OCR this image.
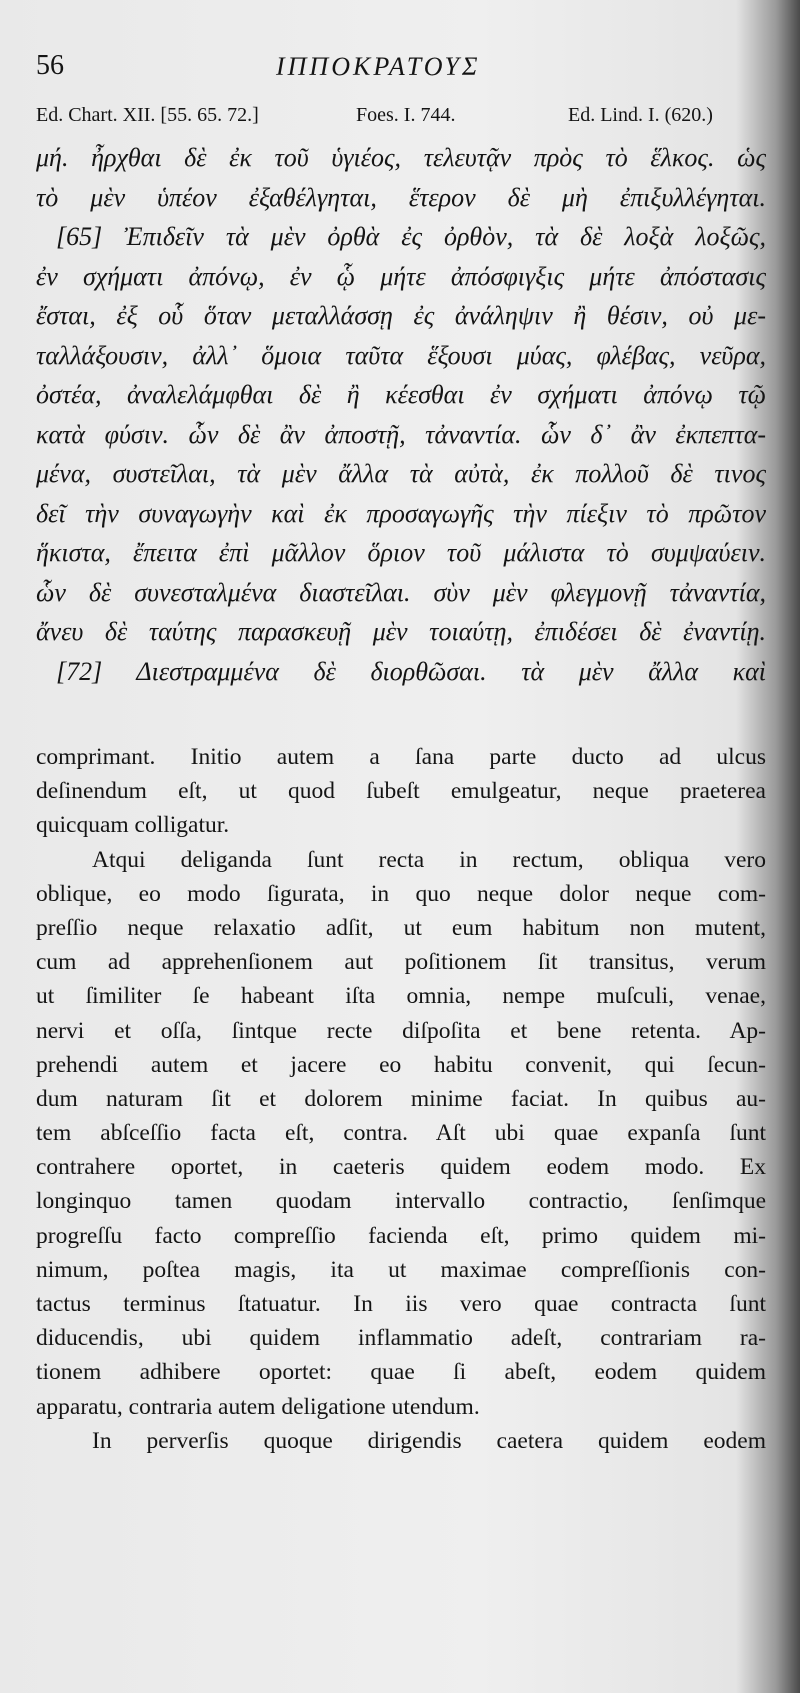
56	ΙΠΠΟΚΡΑΤΟΥΣ
Ed. Chart. XII. [55. 65. 72.]	Foes. I. 744.	Ed. Lind. I. (620.)
μή. ἦρχθαι δὲ ἐκ τοῦ ὑγιέος, τελευτᾷν πρὸς τὸ ἕλκος. ὡς
τὸ μὲν ὑπέον ἐξαθέλγηται, ἕτερον δὲ μὴ ἐπιξυλλέγηται.
[65] Ἐπιδεῖν τὰ μὲν ὀρθὰ ἐς ὀρθὸν, τὰ δὲ λοξὰ λοξῶς,
ἐν σχήματι ἀπόνῳ, ἐν ᾧ μήτε ἀπόσφιγξις μήτε ἀπόστασις
ἔσται, ἐξ οὗ ὅταν μεταλλάσσῃ ἐς ἀνάληψιν ἢ θέσιν, οὐ με-
ταλλάξουσιν, ἀλλ᾽ ὅμοια ταῦτα ἕξουσι μύας, φλέβας, νεῦρα,
ὀστέα, ἀναλελάμφθαι δὲ ἢ κέεσθαι ἐν σχήματι ἀπόνῳ τῷ
κατὰ φύσιν. ὧν δὲ ἂν ἀποστῇ, τἀναντία. ὧν δ᾽ ἂν ἐκπεπτα-
μένα, συστεῖλαι, τὰ μὲν ἄλλα τὰ αὐτὰ, ἐκ πολλοῦ δὲ τινος
δεῖ τὴν συναγωγὴν καὶ ἐκ προσαγωγῆς τὴν πίεξιν τὸ πρῶτον
ἥκιστα, ἔπειτα ἐπὶ μᾶλλον ὅριον τοῦ μάλιστα τὸ συμψαύειν.
ὧν δὲ συνεσταλμένα διαστεῖλαι. σὺν μὲν φλεγμονῇ τἀναντία,
ἄνευ δὲ ταύτης παρασκευῇ μὲν τοιαύτῃ, ἐπιδέσει δὲ ἐναντίῃ.
[72] Διεστραμμένα δὲ διορθῶσαι. τὰ μὲν ἄλλα καὶ
comprimant. Initio autem a ſana parte ducto ad ulcus
deſinendum eſt, ut quod ſubeſt emulgeatur, neque praeterea
quicquam colligatur.
Atqui deliganda ſunt recta in rectum, obliqua vero
oblique, eo modo ſigurata, in quo neque dolor neque com-
preſſio neque relaxatio adſit, ut eum habitum non mutent,
cum ad apprehenſionem aut poſitionem ſit transitus, verum
ut ſimiliter ſe habeant iſta omnia, nempe muſculi, venae,
nervi et oſſa, ſintque recte diſpoſita et bene retenta. Ap-
prehendi autem et jacere eo habitu convenit, qui ſecun-
dum naturam ſit et dolorem minime faciat. In quibus au-
tem abſceſſio facta eſt, contra. Aſt ubi quae expanſa ſunt
contrahere oportet, in caeteris quidem eodem modo. Ex
longinquo tamen quodam intervallo contractio, ſenſimque
progreſſu facto compreſſio facienda eſt, primo quidem mi-
nimum, poſtea magis, ita ut maximae compreſſionis con-
tactus terminus ſtatuatur. In iis vero quae contracta ſunt
diducendis, ubi quidem inflammatio adeſt, contrariam ra-
tionem adhibere oportet: quae ſi abeſt, eodem quidem
apparatu, contraria autem deligatione utendum.
In perverſis quoque dirigendis caetera quidem eodem
